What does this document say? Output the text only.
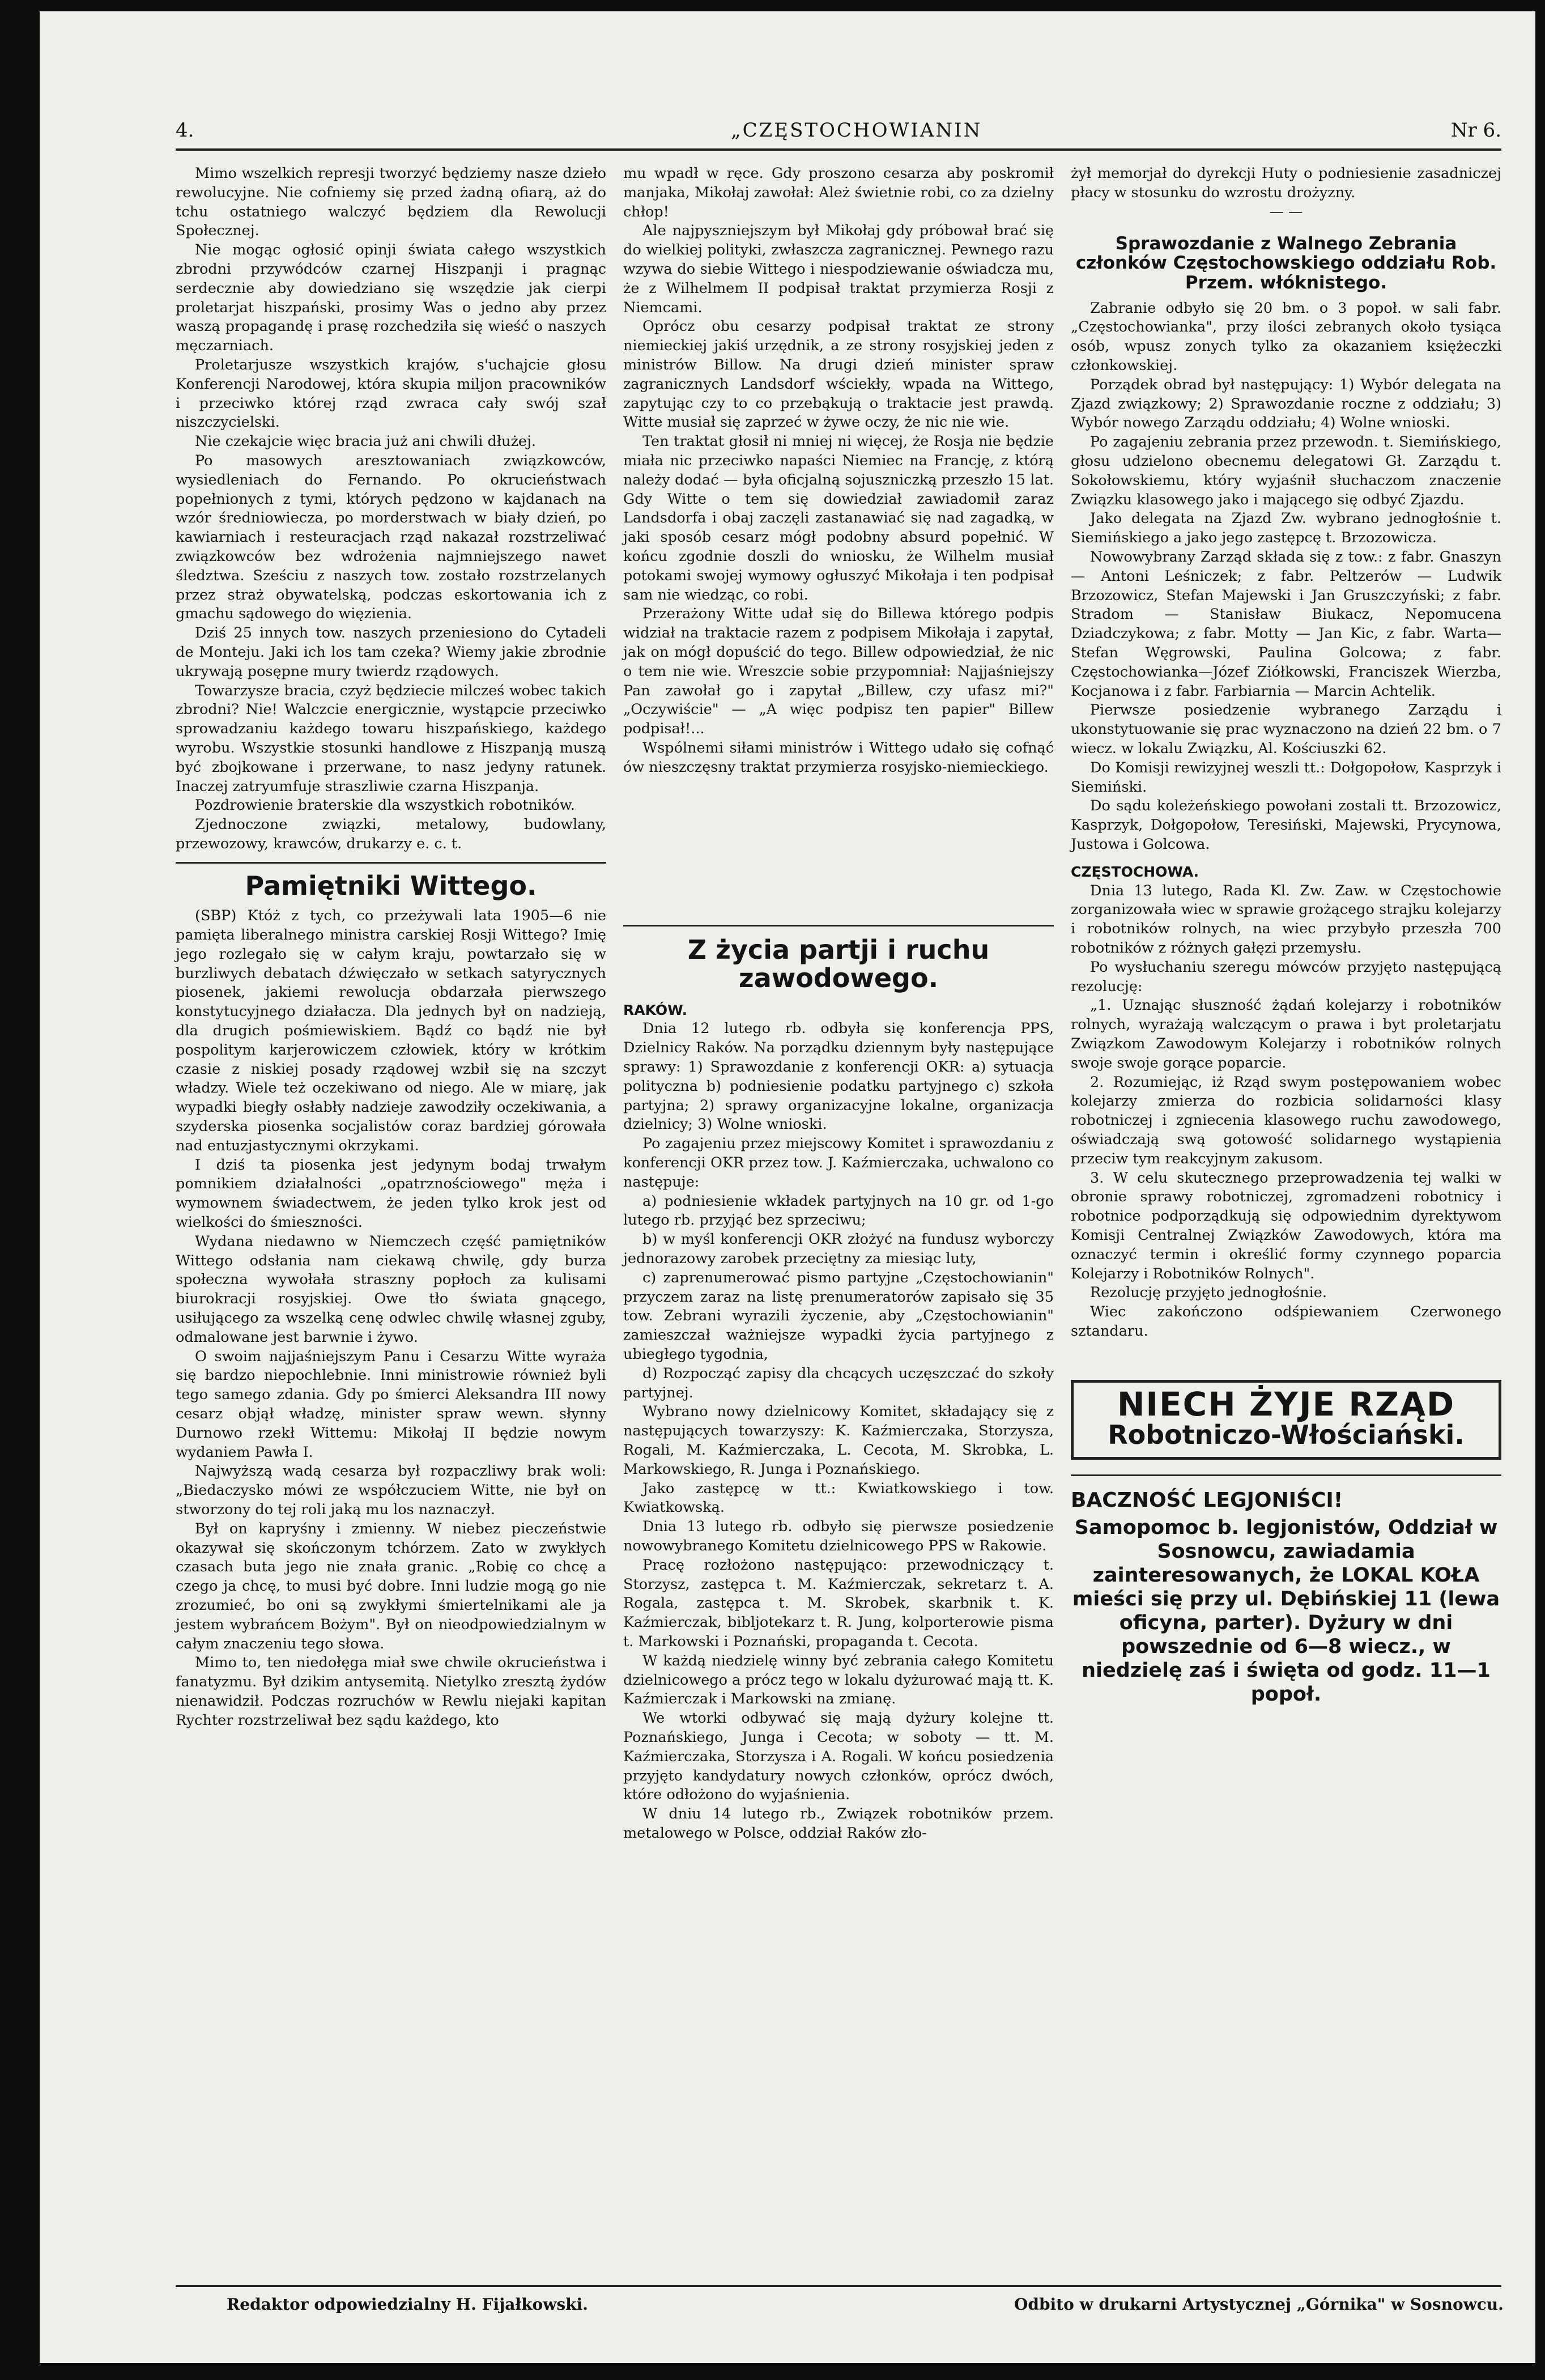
4.	„CZĘSTOCHOWIANIN	Nr 6.

Mimo wszelkich represji tworzyć będziemy nasze dzieło rewolucyjne. Nie cofniemy się przed żadną ofiarą, aż do tchu ostatniego walczyć będziem dla Rewolucji Społecznej.

Nie mogąc ogłosić opinji świata całego wszystkich zbrodni przywódców czarnej Hiszpanji i pragnąc serdecznie aby dowiedziano się wszędzie jak cierpi proletarjat hiszpański, prosimy Was o jedno aby przez waszą propagandę i prasę rozchedziła się wieść o naszych męczarniach.

Proletarjusze wszystkich krajów, s'uchajcie głosu Konferencji Narodowej, która skupia miljon pracowników i przeciwko której rząd zwraca cały swój szał niszczycielski.

Nie czekajcie więc bracia już ani chwili dłużej.

Po masowych aresztowaniach związkowców, wysiedleniach do Fernando. Po okrucieństwach popełnionych z tymi, których pędzono w kajdanach na wzór średniowiecza, po morderstwach w biały dzień, po kawiarniach i resteuracjach rząd nakazał rozstrzeliwać związkowców bez wdrożenia najmniejszego nawet śledztwa. Sześciu z naszych tow. zostało rozstrzelanych przez straż obywatelską, podczas eskortowania ich z gmachu sądowego do więzienia.

Dziś 25 innych tow. naszych przeniesiono do Cytadeli de Monteju. Jaki ich los tam czeka? Wiemy jakie zbrodnie ukrywają posępne mury twierdz rządowych.

Towarzysze bracia, czyż będziecie milcześ wobec takich zbrodni? Nie! Walczcie energicznie, wystąpcie przeciwko sprowadzaniu każdego towaru hiszpańskiego, każdego wyrobu. Wszystkie stosunki handlowe z Hiszpanją muszą być zbojkowane i przerwane, to nasz jedyny ratunek. Inaczej zatryumfuje straszliwie czarna Hiszpanja.

Pozdrowienie braterskie dla wszystkich robotników.

Zjednoczone związki, metalowy, budowlany, przewozowy, krawców, drukarzy e. c. t.

Pamiętniki Wittego.

(SBP) Któż z tych, co przeżywali lata 1905—6 nie pamięta liberalnego ministra carskiej Rosji Wittego? Imię jego rozlegało się w całym kraju, powtarzało się w burzliwych debatach dźwięczało w setkach satyrycznych piosenek, jakiemi rewolucja obdarzała pierwszego konstytucyjnego działacza. Dla jednych był on nadzieją, dla drugich pośmiewiskiem. Bądź co bądź nie był pospolitym karjerowiczem człowiek, który w krótkim czasie z niskiej posady rządowej wzbił się na szczyt władzy. Wiele też oczekiwano od niego. Ale w miarę, jak wypadki biegły osłabły nadzieje zawodziły oczekiwania, a szyderska piosenka socjalistów coraz bardziej górowała nad entuzjastycznymi okrzykami.

I dziś ta piosenka jest jedynym bodaj trwałym pomnikiem działalności „opatrznościowego" męża i wymownem świadectwem, że jeden tylko krok jest od wielkości do śmieszności.

Wydana niedawno w Niemczech część pamiętników Wittego odsłania nam ciekawą chwilę, gdy burza społeczna wywołała straszny popłoch za kulisami biurokracji rosyjskiej. Owe tło świata gnącego, usiłującego za wszelką cenę odwlec chwilę własnej zguby, odmalowane jest barwnie i żywo.

O swoim najjaśniejszym Panu i Cesarzu Witte wyraża się bardzo niepochlebnie. Inni ministrowie również byli tego samego zdania. Gdy po śmierci Aleksandra III nowy cesarz objął władzę, minister spraw wewn. słynny Durnowo rzekł Wittemu: Mikołaj II będzie nowym wydaniem Pawła I.

Najwyższą wadą cesarza był rozpaczliwy brak woli: „Biedaczysko mówi ze współczuciem Witte, nie był on stworzony do tej roli jaką mu los naznaczył.

Był on kapryśny i zmienny. W niebez pieczeństwie okazywał się skończonym tchórzem. Zato w zwykłych czasach buta jego nie znała granic. „Robię co chcę a czego ja chcę, to musi być dobre. Inni ludzie mogą go nie zrozumieć, bo oni są zwykłymi śmiertelnikami ale ja jestem wybrańcem Bożym". Był on nieodpowiedzialnym w całym znaczeniu tego słowa.

Mimo to, ten niedołęga miał swe chwile okrucieństwa i fanatyzmu. Był dzikim antysemitą. Nietylko zresztą żydów nienawidził. Podczas rozruchów w Rewlu niejaki kapitan Rychter rozstrzeliwał bez sądu każdego, kto

mu wpadł w ręce. Gdy proszono cesarza aby poskromił manjaka, Mikołaj zawołał: Ależ świetnie robi, co za dzielny chłop!

Ale najpyszniejszym był Mikołaj gdy próbował brać się do wielkiej polityki, zwłaszcza zagranicznej. Pewnego razu wzywa do siebie Wittego i niespodziewanie oświadcza mu, że z Wilhelmem II podpisał traktat przymierza Rosji z Niemcami.

Oprócz obu cesarzy podpisał traktat ze strony niemieckiej jakiś urzędnik, a ze strony rosyjskiej jeden z ministrów Billow. Na drugi dzień minister spraw zagranicznych Landsdorf wściekły, wpada na Wittego, zapytując czy to co przebąkują o traktacie jest prawdą. Witte musiał się zaprzeć w żywe oczy, że nic nie wie.

Ten traktat głosił ni mniej ni więcej, że Rosja nie będzie miała nic przeciwko napaści Niemiec na Francję, z którą należy dodać — była oficjalną sojuszniczką przeszło 15 lat. Gdy Witte o tem się dowiedział zawiadomił zaraz Landsdorfa i obaj zaczęli zastanawiać się nad zagadką, w jaki sposób cesarz mógł podobny absurd popełnić. W końcu zgodnie doszli do wniosku, że Wilhelm musiał potokami swojej wymowy ogłuszyć Mikołaja i ten podpisał sam nie wiedząc, co robi.

Przerażony Witte udał się do Billewa którego podpis widział na traktacie razem z podpisem Mikołaja i zapytał, jak on mógł dopuścić do tego. Billew odpowiedział, że nic o tem nie wie. Wreszcie sobie przypomniał: Najjaśniejszy Pan zawołał go i zapytał „Billew, czy ufasz mi?" „Oczywiście" — „A więc podpisz ten papier" Billew podpisał!...

Wspólnemi siłami ministrów i Wittego udało się cofnąć ów nieszczęsny traktat przymierza rosyjsko-niemieckiego.

Z życia partji i ruchu zawodowego.
RAKÓW.

Dnia 12 lutego rb. odbyła się konferencja PPS, Dzielnicy Raków. Na porządku dziennym były następujące sprawy: 1) Sprawozdanie z konferencji OKR: a) sytuacja polityczna b) podniesienie podatku partyjnego c) szkoła partyjna; 2) sprawy organizacyjne lokalne, organizacja dzielnicy; 3) Wolne wnioski.

Po zagajeniu przez miejscowy Komitet i sprawozdaniu z konferencji OKR przez tow. J. Kaźmierczaka, uchwalono co następuje:

a) podniesienie wkładek partyjnych na 10 gr. od 1-go lutego rb. przyjąć bez sprzeciwu;

b) w myśl konferencji OKR złożyć na fundusz wyborczy jednorazowy zarobek przeciętny za miesiąc luty,

c) zaprenumerować pismo partyjne „Częstochowianin" przyczem zaraz na listę prenumeratorów zapisało się 35 tow. Zebrani wyrazili życzenie, aby „Częstochowianin" zamieszczał ważniejsze wypadki życia partyjnego z ubiegłego tygodnia,

d) Rozpocząć zapisy dla chcących uczęszczać do szkoły partyjnej.

Wybrano nowy dzielnicowy Komitet, składający się z następujących towarzyszy: K. Kaźmierczaka, Storzysza, Rogali, M. Kaźmierczaka, L. Cecota, M. Skrobka, L. Markowskiego, R. Junga i Poznańskiego.

Jako zastępcę w tt.: Kwiatkowskiego i tow. Kwiatkowską.

Dnia 13 lutego rb. odbyło się pierwsze posiedzenie nowowybranego Komitetu dzielnicowego PPS w Rakowie.

Pracę rozłożono następująco: przewodniczący t. Storzysz, zastępca t. M. Kaźmierczak, sekretarz t. A. Rogala, zastępca t. M. Skrobek, skarbnik t. K. Kaźmierczak, bibljotekarz t. R. Jung, kolporterowie pisma t. Markowski i Poznański, propaganda t. Cecota.

W każdą niedzielę winny być zebrania całego Komitetu dzielnicowego a prócz tego w lokalu dyżurować mają tt. K. Kaźmierczak i Markowski na zmianę.

We wtorki odbywać się mają dyżury kolejne tt. Poznańskiego, Junga i Cecota; w soboty — tt. M. Kaźmierczaka, Storzysza i A. Rogali. W końcu posiedzenia przyjęto kandydatury nowych członków, oprócz dwóch, które odłożono do wyjaśnienia.

W dniu 14 lutego rb., Związek robotników przem. metalowego w Polsce, oddział Raków zło-

żył memorjał do dyrekcji Huty o podniesienie zasadniczej płacy w stosunku do wzrostu drożyzny.

— —

Sprawozdanie z Walnego Zebrania członków Częstochowskiego oddziału Rob. Przem. włóknistego.

Zabranie odbyło się 20 bm. o 3 popoł. w sali fabr. „Częstochowianka", przy ilości zebranych około tysiąca osób, wpusz zonych tylko za okazaniem księżeczki członkowskiej.

Porządek obrad był następujący: 1) Wybór delegata na Zjazd związkowy; 2) Sprawozdanie roczne z oddziału; 3) Wybór nowego Zarządu oddziału; 4) Wolne wnioski.

Po zagajeniu zebrania przez przewodn. t. Siemińskiego, głosu udzielono obecnemu delegatowi Gł. Zarządu t. Sokołowskiemu, który wyjaśnił słuchaczom znaczenie Związku klasowego jako i mającego się odbyć Zjazdu.

Jako delegata na Zjazd Zw. wybrano jednogłośnie t. Siemińskiego a jako jego zastępcę t. Brzozowicza.

Nowowybrany Zarząd składa się z tow.: z fabr. Gnaszyn — Antoni Leśniczek; z fabr. Peltzerów — Ludwik Brzozowicz, Stefan Majewski i Jan Gruszczyński; z fabr. Stradom — Stanisław Biukacz, Nepomucena Dziadczykowa; z fabr. Motty — Jan Kic, z fabr. Warta—Stefan Węgrowski, Paulina Golcowa; z fabr. Częstochowianka—Józef Ziółkowski, Franciszek Wierzba, Kocjanowa i z fabr. Farbiarnia — Marcin Achtelik.

Pierwsze posiedzenie wybranego Zarządu i ukonstytuowanie się prac wyznaczono na dzień 22 bm. o 7 wiecz. w lokalu Związku, Al. Kościuszki 62.

Do Komisji rewizyjnej weszli tt.: Dołgopołow, Kasprzyk i Siemiński.

Do sądu koleżeńskiego powołani zostali tt. Brzozowicz, Kasprzyk, Dołgopołow, Teresiński, Majewski, Prycynowa, Justowa i Golcowa.

CZĘSTOCHOWA.

Dnia 13 lutego, Rada Kl. Zw. Zaw. w Częstochowie zorganizowała wiec w sprawie grożącego strajku kolejarzy i robotników rolnych, na wiec przybyło przeszła 700 robotników z różnych gałęzi przemysłu.

Po wysłuchaniu szeregu mówców przyjęto następującą rezolucję:

„1. Uznając słuszność żądań kolejarzy i robotników rolnych, wyrażają walczącym o prawa i byt proletarjatu Związkom Zawodowym Kolejarzy i robotników rolnych swoje swoje gorące poparcie.

2. Rozumiejąc, iż Rząd swym postępowaniem wobec kolejarzy zmierza do rozbicia solidarności klasy robotniczej i zgniecenia klasowego ruchu zawodowego, oświadczają swą gotowość solidarnego wystąpienia przeciw tym reakcyjnym zakusom.

3. W celu skutecznego przeprowadzenia tej walki w obronie sprawy robotniczej, zgromadzeni robotnicy i robotnice podporządkują się odpowiednim dyrektywom Komisji Centralnej Związków Zawodowych, która ma oznaczyć termin i określić formy czynnego poparcia Kolejarzy i Robotników Rolnych".

Rezolucję przyjęto jednogłośnie.

Wiec zakończono odśpiewaniem Czerwonego sztandaru.

NIECH ŻYJE RZĄD
Robotniczo-Włościański.
BACZNOŚĆ LEGJONIŚCI!
Samopomoc b. legjonistów, Oddział w Sosnowcu, zawiadamia zainteresowanych, że LOKAL KOŁA mieści się przy ul. Dębińskiej 11 (lewa oficyna, parter). Dyżury w dni powszednie od 6—8 wiecz., w niedzielę zaś i święta od godz. 11—1 popoł.
Redaktor odpowiedzialny H. Fijałkowski.	Odbito w drukarni Artystycznej „Górnika" w Sosnowcu.
